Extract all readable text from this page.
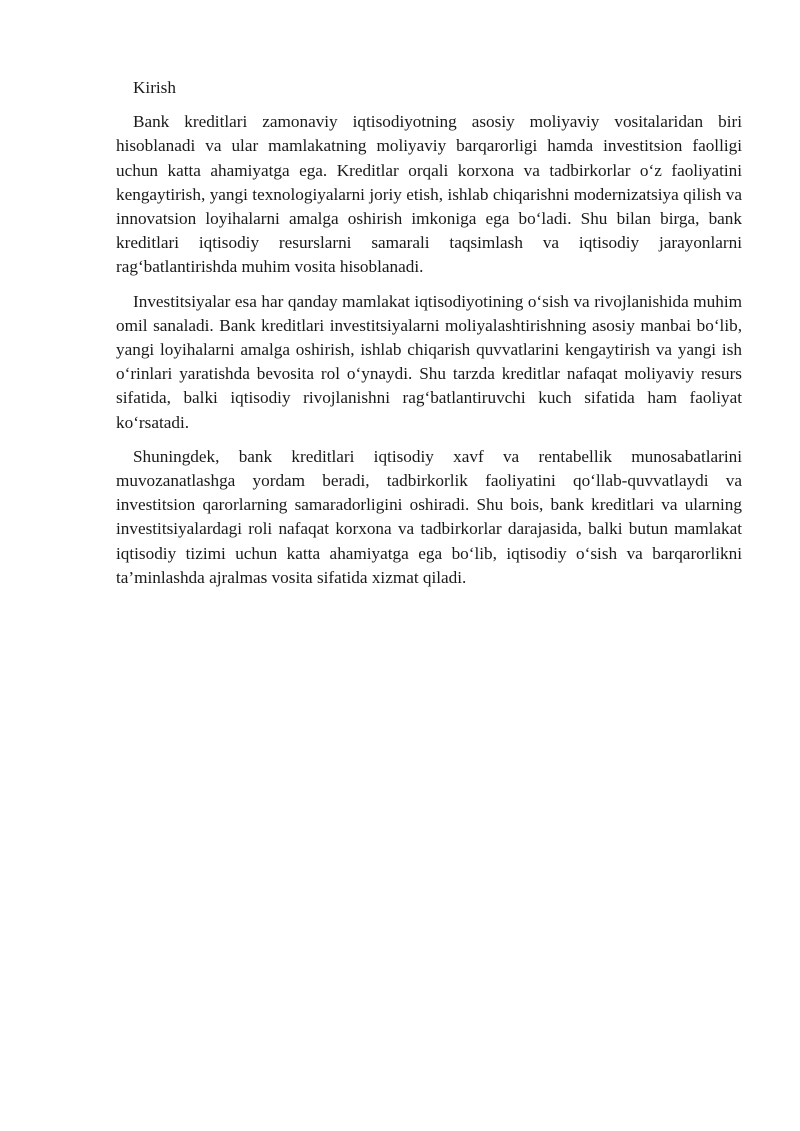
Kirish

Bank kreditlari zamonaviy iqtisodiyotning asosiy moliyaviy vositalaridan biri hisoblanadi va ular mamlakatning moliyaviy barqarorligi hamda investitsion faolligi uchun katta ahamiyatga ega. Kreditlar orqali korxona va tadbirkorlar o‘z faoliyatini kengaytirish, yangi texnologiyalarni joriy etish, ishlab chiqarishni modernizatsiya qilish va innovatsion loyihalarni amalga oshirish imkoniga ega bo‘ladi. Shu bilan birga, bank kreditlari iqtisodiy resurslarni samarali taqsimlash va iqtisodiy jarayonlarni rag‘batlantirishda muhim vosita hisoblanadi.

Investitsiyalar esa har qanday mamlakat iqtisodiyotining o‘sish va rivojlanishida muhim omil sanaladi. Bank kreditlari investitsiyalarni moliyalashtirishning asosiy manbai bo‘lib, yangi loyihalarni amalga oshirish, ishlab chiqarish quvvatlarini kengaytirish va yangi ish o‘rinlari yaratishda bevosita rol o‘ynaydi. Shu tarzda kreditlar nafaqat moliyaviy resurs sifatida, balki iqtisodiy rivojlanishni rag‘batlantiruvchi kuch sifatida ham faoliyat ko‘rsatadi.

Shuningdek, bank kreditlari iqtisodiy xavf va rentabellik munosabatlarini muvozanatlashga yordam beradi, tadbirkorlik faoliyatini qo‘llab-quvvatlaydi va investitsion qarorlarning samaradorligini oshiradi. Shu bois, bank kreditlari va ularning investitsiyalardagi roli nafaqat korxona va tadbirkorlar darajasida, balki butun mamlakat iqtisodiy tizimi uchun katta ahamiyatga ega bo‘lib, iqtisodiy o‘sish va barqarorlikni ta’minlashda ajralmas vosita sifatida xizmat qiladi.
